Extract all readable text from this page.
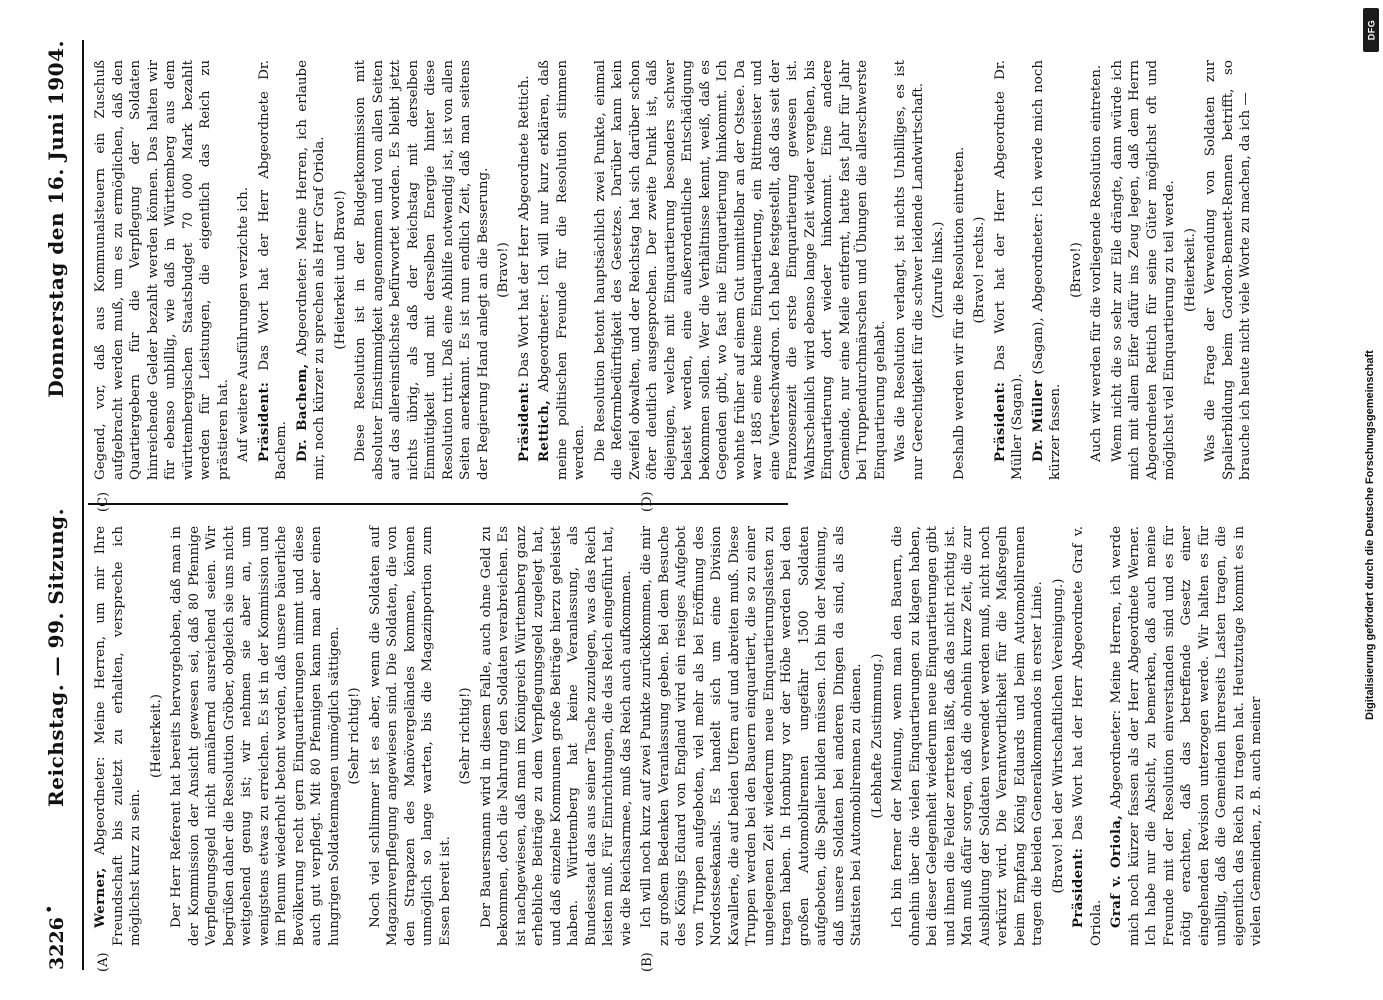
•
3226
Reichstag. — 99. Sitzung.
Donnerstag den 16. Juni 1904.
(A)	(B)
(C)	(D)

Werner, Abgeordneter: Meine Herren, um mir Ihre Freundschaft bis zuletzt zu erhalten, verspreche ich möglichst kurz zu sein.

(Heiterkeit.) Der Herr Referent hat bereits hervorgehoben, daß man in der Kommission der Ansicht gewesen sei, daß 80 Pfennige Verpflegungsgeld nicht annähernd ausreichend seien. Wir begrüßen daher die Resolution Gröber, obgleich sie uns nicht weitgehend genug ist; wir nehmen sie aber an, um wenigstens etwas zu erreichen. Es ist in der Kommission und im Plenum wiederholt betont worden, daß unsere bäuerliche Bevölkerung recht gern Einquartierungen nimmt und diese auch gut verpflegt. Mit 80 Pfennigen kann man aber einen hungrigen Soldatenmagen unmöglich sättigen. (Sehr richtig!) Noch viel schlimmer ist es aber, wenn die Soldaten auf Magazinverpflegung angewiesen sind. Die Soldaten, die von den Strapazen des Manövergeländes kommen, können unmöglich so lange warten, bis die Magazinportion zum Essen bereit ist.

(Sehr richtig!) Der Bauersmann wird in diesem Falle, auch ohne Geld zu bekommen, doch die Nahrung den Soldaten verabreichen. Es ist nachgewiesen, daß man im Königreich Württemberg ganz erhebliche Beiträge zu dem Verpflegungsgeld zugelegt hat, und daß einzelne Kommunen große Beiträge hierzu geleistet haben. Württemberg hat keine Veranlassung, als Bundesstaat das aus seiner Tasche zuzulegen, was das Reich leisten muß. Für Einrichtungen, die das Reich eingeführt hat, wie die Reichsarmee, muß das Reich auch aufkommen. Ich will noch kurz auf zwei Punkte zurückkommen, die mir zu großem Bedenken Veranlassung geben. Bei dem Besuche des Königs Eduard von England wird ein riesiges Aufgebot von Truppen aufgeboten, viel mehr als bei Eröffnung des Nordostseekanals. Es handelt sich um eine Division Kavallerie, die auf beiden Ufern auf und abreiten muß. Diese Truppen werden bei den Bauern einquartiert, die so zu einer ungelegenen Zeit wiederum neue Einquartierungslasten zu tragen haben. In Homburg vor der Höhe werden bei den großen Automobilrennen ungefähr 1500 Soldaten aufgeboten, die Spalier bilden müssen. Ich bin der Meinung, daß unsere Soldaten bei anderen Dingen da sind, als als Statisten bei Automobilrennen zu dienen. (Lebhafte Zustimmung.) Ich bin ferner der Meinung, wenn man den Bauern, die ohnehin über die vielen Einquartierungen zu klagen haben, bei dieser Gelegenheit wiederum neue Einquartierungen gibt und ihnen die Felder zertreten läßt, daß das nicht richtig ist. Man muß dafür sorgen, daß die ohnehin kurze Zeit, die zur Ausbildung der Soldaten verwendet werden muß, nicht noch verkürzt wird. Die Verantwortlichkeit für die Maßregeln beim Empfang König Eduards und beim Automobilrennen tragen die beiden Generalkommandos in erster Linie. (Bravo! bei der Wirtschaftlichen Vereinigung.) Präsident: Das Wort hat der Herr Abgeordnete Graf v. Oriola. Graf v. Oriola, Abgeordneter: Meine Herren, ich werde mich noch kürzer fassen als der Herr Abgeordnete Werner. Ich habe nur die Absicht, zu bemerken, daß auch meine Freunde mit der Resolution einverstanden sind und es für nötig erachten, daß das betreffende Gesetz einer eingehenden Revision unterzogen werde. Wir halten es für unbillig, daß die Gemeinden ihrerseits Lasten tragen, die eigentlich das Reich zu tragen hat. Heutzutage kommt es in vielen Gemeinden, z. B. auch meiner

Gegend, vor, daß aus Kommunalsteuern ein Zuschuß aufgebracht werden muß, um es zu ermöglichen, daß den Quartiergebern für die Verpflegung der Soldaten hinreichende Gelder bezahlt werden können. Das halten wir für ebenso unbillig, wie daß in Württemberg aus dem württembergischen Staatsbudget 70 000 Mark bezahlt werden für Leistungen, die eigentlich das Reich zu prästieren hat. Auf weitere Ausführungen verzichte ich. Präsident: Das Wort hat der Herr Abgeordnete Dr. Bachem. Dr. Bachem, Abgeordneter: Meine Herren, ich erlaube mir, noch kürzer zu sprechen als Herr Graf Oriola. (Heiterkeit und Bravo!) Diese Resolution ist in der Budgetkommission mit absoluter Einstimmigkeit angenommen und von allen Seiten auf das allereinstlichste befürwortet worden. Es bleibt jetzt nichts übrig, als daß der Reichstag mit derselben Einmütigkeit und mit derselben Energie hinter diese Resolution tritt. Daß eine Abhilfe notwendig ist, ist von allen Seiten anerkannt. Es ist nun endlich Zeit, daß man seitens der Regierung Hand anlegt an die Besserung. (Bravo!)

Präsident: Das Wort hat der Herr Abgeordnete Rettich.

Rettich, Abgeordneter: Ich will nur kurz erklären, daß meine politischen Freunde für die Resolution stimmen werden. Die Resolution betont hauptsächlich zwei Punkte, einmal die Reformbedürftigkeit des Gesetzes. Darüber kann kein Zweifel obwalten, und der Reichstag hat sich darüber schon öfter deutlich ausgesprochen. Der zweite Punkt ist, daß diejenigen, welche mit Einquartierung besonders schwer belastet werden, eine außerordentliche Entschädigung bekommen sollen. Wer die Verhältnisse kennt, weiß, daß es Gegenden gibt, wo fast nie Einquartierung hinkommt. Ich wohnte früher auf einem Gut unmittelbar an der Ostsee. Da war 1885 eine kleine Einquartierung, ein Rittmeister und eine Vierteschwadron. Ich habe festgestellt, daß das seit der Franzosenzeit die erste Einquartierung gewesen ist. Wahrscheinlich wird ebenso lange Zeit wieder vergehen, bis Einquartierung dort wieder hinkommt. Eine andere Gemeinde, nur eine Meile entfernt, hatte fast Jahr für Jahr bei Truppendurchmärschen und Übungen die allerschwerste Einquartierung gehabt. Was die Resolution verlangt, ist nichts Unbilliges, es ist nur Gerechtigkeit für die schwer leidende Landwirtschaft. (Zurufe links.) Deshalb werden wir für die Resolution eintreten. (Bravo! rechts.)

Präsident: Das Wort hat der Herr Abgeordnete Dr. Müller (Sagan). Dr. Müller (Sagan), Abgeordneter: Ich werde mich noch kürzer fassen.

(Bravo!) Auch wir werden für die vorliegende Resolution eintreten. Wenn nicht die so sehr zur Eile drängte, dann würde ich mich mit allem Eifer dafür ins Zeug legen, daß dem Herrn Abgeordneten Rettich für seine Güter möglichst oft und möglichst viel Einquartierung zu teil werde. (Heiterkeit.) Was die Frage der Verwendung von Soldaten zur Spalierbildung beim Gordon-Bennett-Rennen betrifft, so brauche ich heute nicht viele Worte zu machen, da ich —

DFG
Digitalisierung gefördert durch die Deutsche Forschungsgemeinschaft
